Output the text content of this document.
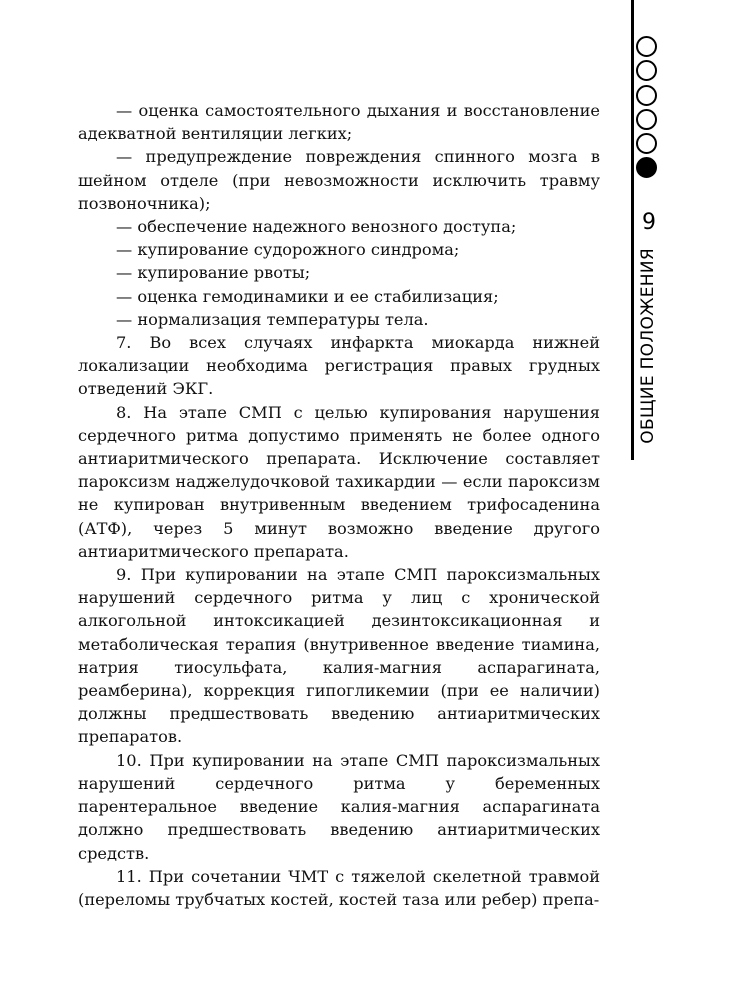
9
ОБЩИЕ ПОЛОЖЕНИЯ

— оценка самостоятельного дыхания и восстановление адекватной вентиляции легких;

— предупреждение повреждения спинного мозга в шейном отделе (при невозможности исключить травму позвоночника);

— обеспечение надежного венозного доступа;

— купирование судорожного синдрома;

— купирование рвоты;

— оценка гемодинамики и ее стабилизация;

— нормализация температуры тела.

7. Во всех случаях инфаркта миокарда нижней локализации необходима регистрация правых грудных отведений ЭКГ.

8. На этапе СМП с целью купирования нарушения сердечного ритма допустимо применять не более одного антиаритмического препарата. Исключение составляет пароксизм наджелудочковой тахикардии — если пароксизм не купирован внутривенным введением трифосаденина (АТФ), через 5 минут возможно введение другого антиаритмического препарата.

9. При купировании на этапе СМП пароксизмальных нарушений сердечного ритма у лиц с хронической алкогольной интоксикацией дезинтоксикационная и метаболическая терапия (внутривенное введение тиамина, натрия тиосульфата, калия-магния аспарагината, реамберина), коррекция гипогликемии (при ее наличии) должны предшествовать введению антиаритмических препаратов.

10. При купировании на этапе СМП пароксизмальных нарушений сердечного ритма у беременных парентеральное введение калия-магния аспарагината должно предшествовать введению антиаритмических средств.

11. При сочетании ЧМТ с тяжелой скелетной травмой (переломы трубчатых костей, костей таза или ребер) препа-
